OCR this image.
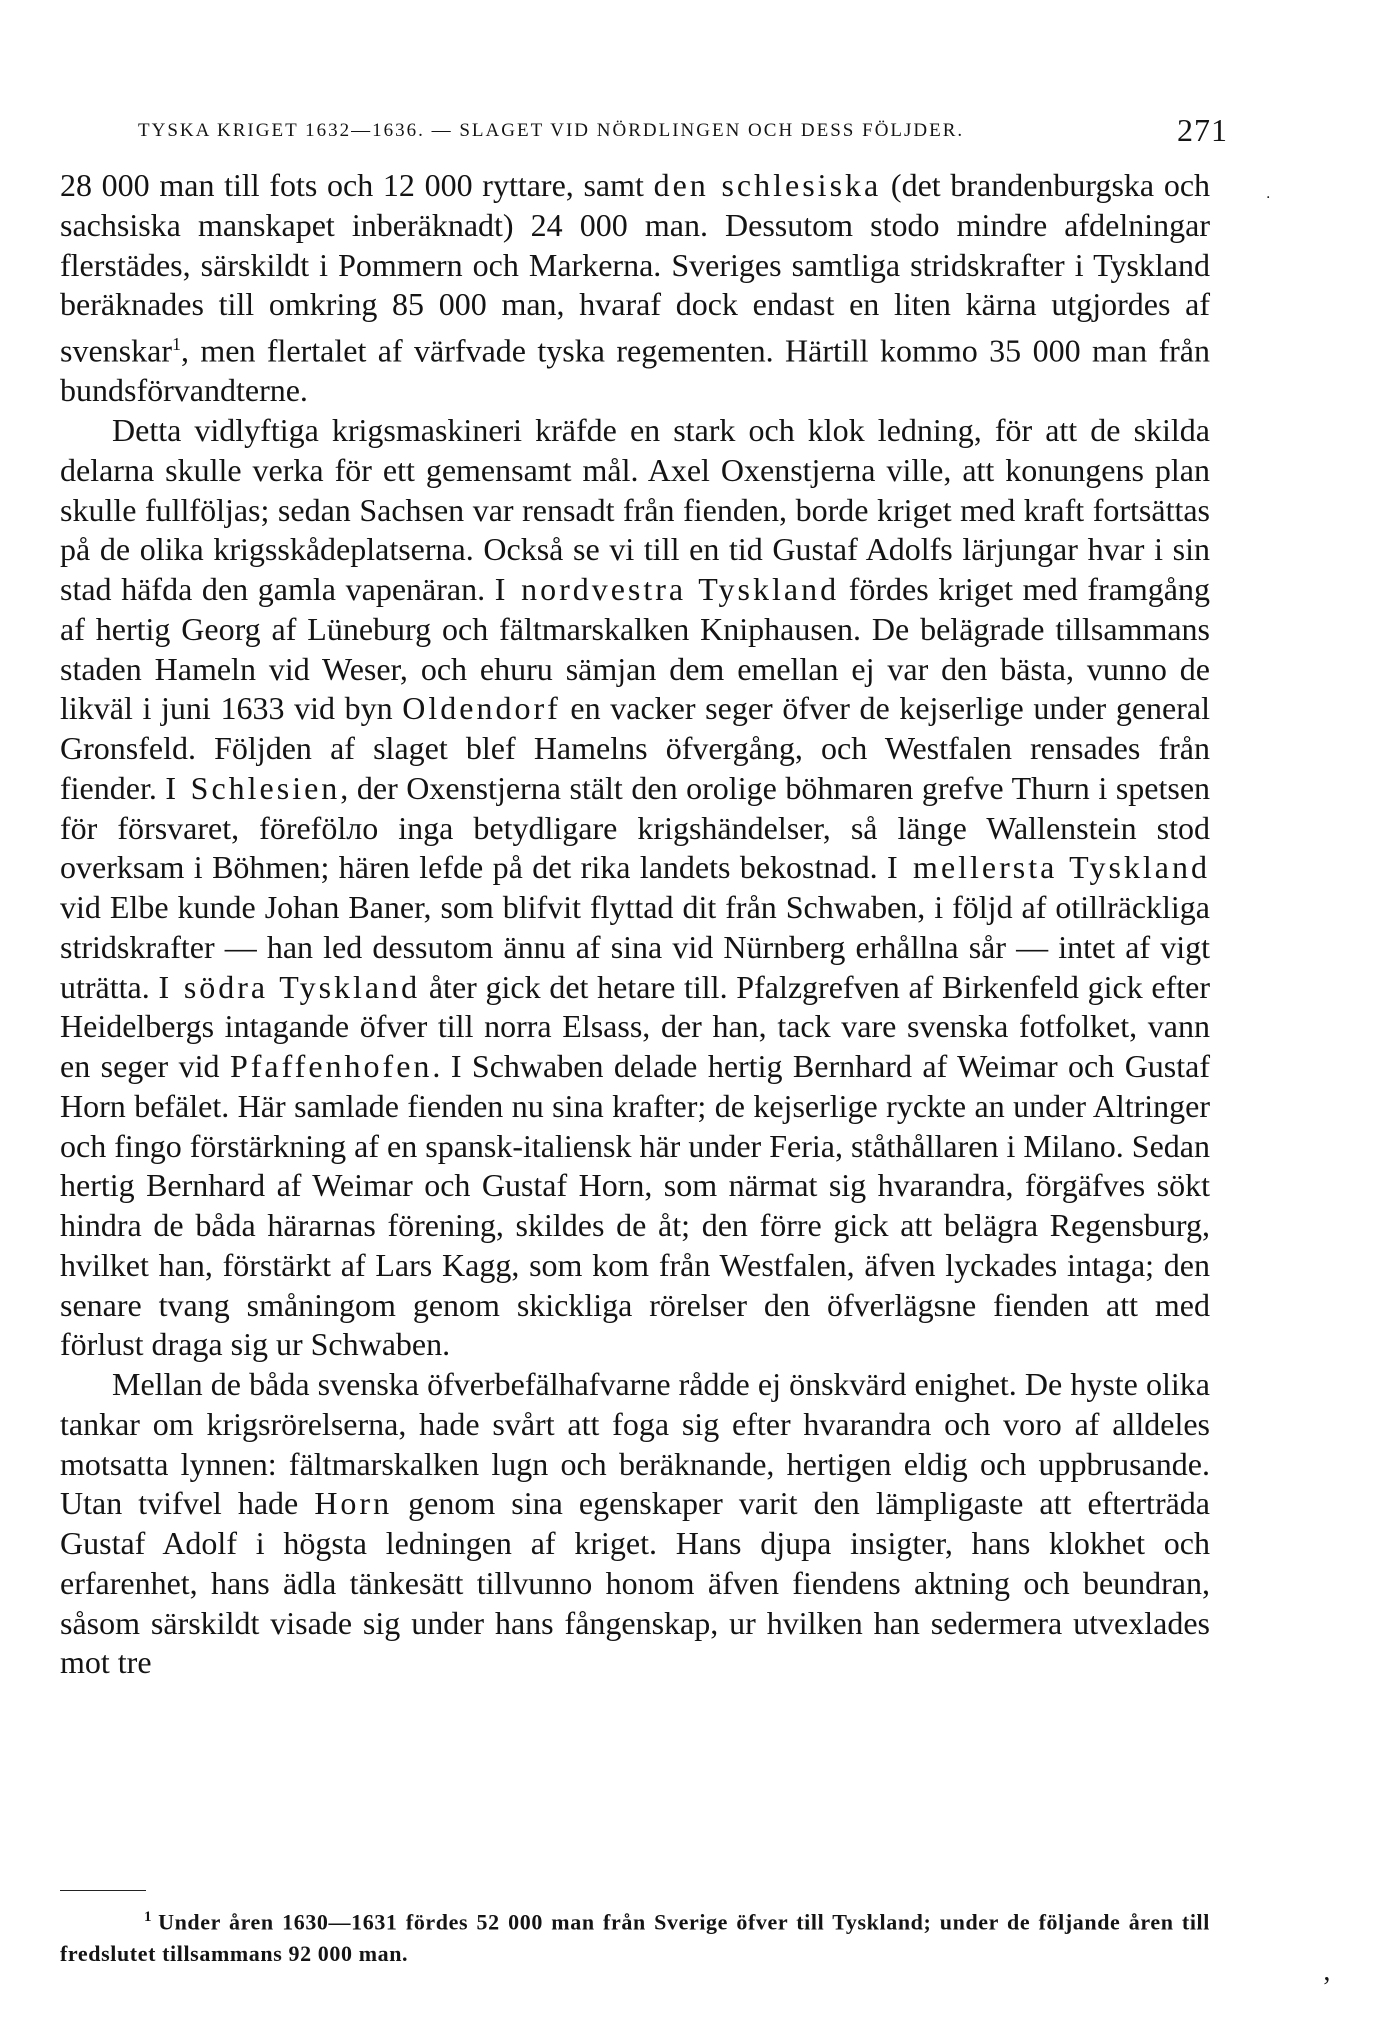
TYSKA KRIGET 1632—1636. — SLAGET VID NÖRDLINGEN OCH DESS FÖLJDER.	271
·

28 000 man till fots och 12 000 ryttare, samt den schlesiska (det brandenburgska och sachsiska manskapet inberäknadt) 24 000 man. Dessutom stodo mindre afdelningar flerstädes, särskildt i Pommern och Markerna. Sveriges samtliga stridskrafter i Tyskland beräknades till omkring 85 000 man, hvaraf dock endast en liten kärna utgjordes af svenskar$^1$, men flertalet af värfvade tyska regementen. Härtill kommo 35 000 man från bundsförvandterne.

Detta vidlyftiga krigsmaskineri kräfde en stark och klok ledning, för att de skilda delarna skulle verka för ett gemensamt mål. Axel Oxenstjerna ville, att konungens plan skulle fullföljas; sedan Sachsen var rensadt från fienden, borde kriget med kraft fortsättas på de olika krigsskådeplatserna. Också se vi till en tid Gustaf Adolfs lärjungar hvar i sin stad häfda den gamla vapenäran. I nordvestra Tyskland fördes kriget med framgång af hertig Georg af Lüneburg och fältmarskalken Kniphausen. De belägrade tillsammans staden Hameln vid Weser, och ehuru sämjan dem emellan ej var den bästa, vunno de likväl i juni 1633 vid byn Oldendorf en vacker seger öfver de kejserlige under general Gronsfeld. Följden af slaget blef Hamelns öfvergång, och Westfalen rensades från fiender. I Schlesien, der Oxenstjerna stält den orolige böhmaren grefve Thurn i spetsen för försvaret, förefölло inga betydligare krigshändelser, så länge Wallenstein stod overksam i Böhmen; hären lefde på det rika landets bekostnad. I mellersta Tyskland vid Elbe kunde Johan Baner, som blifvit flyttad dit från Schwaben, i följd af otillräckliga stridskrafter — han led dessutom ännu af sina vid Nürnberg erhållna sår — intet af vigt uträtta. I södra Tyskland åter gick det hetare till. Pfalzgrefven af Birkenfeld gick efter Heidelbergs intagande öfver till norra Elsass, der han, tack vare svenska fotfolket, vann en seger vid Pfaffenhofen. I Schwaben delade hertig Bernhard af Weimar och Gustaf Horn befälet. Här samlade fienden nu sina krafter; de kejserlige ryckte an under Altringer och fingo förstärkning af en spansk-italiensk här under Feria, ståthållaren i Milano. Sedan hertig Bernhard af Weimar och Gustaf Horn, som närmat sig hvarandra, förgäfves sökt hindra de båda härarnas förening, skildes de åt; den förre gick att belägra Regensburg, hvilket han, förstärkt af Lars Kagg, som kom från Westfalen, äfven lyckades intaga; den senare tvang småningom genom skickliga rörelser den öfverlägsne fienden att med förlust draga sig ur Schwaben.

Mellan de båda svenska öfverbefälhafvarne rådde ej önskvärd enighet. De hyste olika tankar om krigsrörelserna, hade svårt att foga sig efter hvarandra och voro af alldeles motsatta lynnen: fältmarskalken lugn och beräknande, hertigen eldig och uppbrusande. Utan tvifvel hade Horn genom sina egenskaper varit den lämpligaste att efterträda Gustaf Adolf i högsta ledningen af kriget. Hans djupa insigter, hans klokhet och erfarenhet, hans ädla tänkesätt tillvunno honom äfven fiendens aktning och beundran, såsom särskildt visade sig under hans fångenskap, ur hvilken han sedermera utvexlades mot tre

$^1$ Under åren 1630—1631 fördes 52 000 man från Sverige öfver till Tyskland; under de följande åren till fredslutet tillsammans 92 000 man.
’
